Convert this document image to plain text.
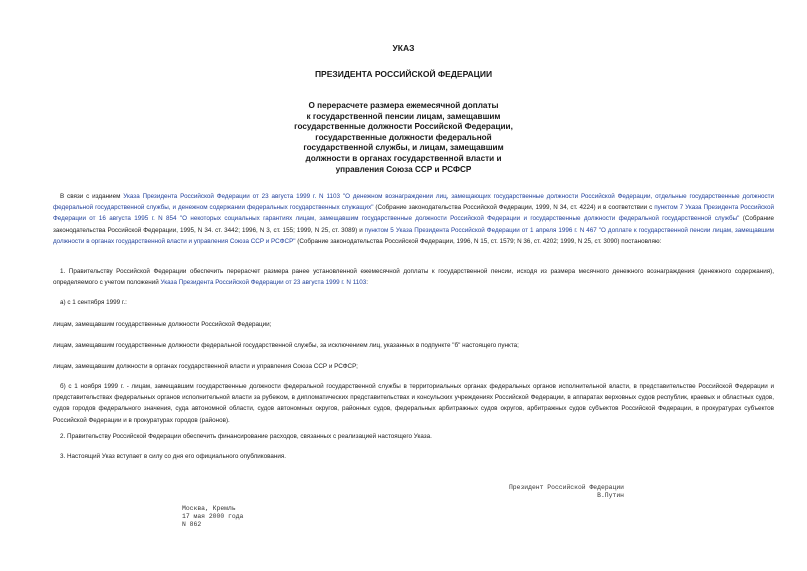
УКАЗ
ПРЕЗИДЕНТА РОССИЙСКОЙ ФЕДЕРАЦИИ
О перерасчете размера ежемесячной доплаты
к государственной пенсии лицам, замещавшим
государственные должности Российской Федерации,
государственные должности федеральной
государственной службы, и лицам, замещавшим
должности в органах государственной власти и
управления Союза ССР и РСФСР
В связи с изданием Указа Президента Российской Федерации от 23 августа 1999 г. N 1103 "О денежном вознаграждении лиц, замещающих государственные должности Российской Федерации, отдельные государственные должности федеральной государственной службы, и денежном содержании федеральных государственных служащих" (Собрание законодательства Российской Федерации, 1999, N 34, ст. 4224) и в соответствии с пунктом 7 Указа Президента Российской Федерации от 16 августа 1995 г. N 854 "О некоторых социальных гарантиях лицам, замещавшим государственные должности Российской Федерации и государственные должности федеральной государственной службы" (Собрание законодательства Российской Федерации, 1995, N 34. ст. 3442; 1996, N 3, ст. 155; 1999, N 25, ст. 3089) и пунктом 5 Указа Президента Российской Федерации от 1 апреля 1996 г. N 467 "О доплате к государственной пенсии лицам, замещавшим должности в органах государственной власти и управления Союза ССР и РСФСР" (Собрание законодательства Российской Федерации, 1996, N 15, ст. 1579; N 36, ст. 4202; 1999, N 25, ст. 3090) постановляю:
1. Правительству Российской Федерации обеспечить перерасчет размера ранее установленной ежемесячной доплаты к государственной пенсии, исходя из размера месячного денежного вознаграждения (денежного содержания), определяемого с учетом положений Указа Президента Российской Федерации от 23 августа 1999 г. N 1103:
а) с 1 сентября 1999 г.:
лицам, замещавшим государственные должности Российской Федерации;
лицам, замещавшим государственные должности федеральной государственной службы, за исключением лиц, указанных в подпункте "б" настоящего пункта;
лицам, замещавшим должности в органах государственной власти и управления Союза ССР и РСФСР;
б) с 1 ноября 1999 г. - лицам, замещавшим государственные должности федеральной государственной службы в территориальных органах федеральных органов исполнительной власти, в представительстве Российской Федерации и представительствах федеральных органов исполнительной власти за рубежом, в дипломатических представительствах и консульских учреждениях Российской Федерации, в аппаратах верховных судов республик, краевых и областных судов, судов городов федерального значения, суда автономной области, судов автономных округов, районных судов, федеральных арбитражных судов округов, арбитражных судов субъектов Российской Федерации, в прокуратурах субъектов Российской Федерации и в прокуратурах городов (районов).
2. Правительству Российской Федерации обеспечить финансирование расходов, связанных с реализацией настоящего Указа.
3. Настоящий Указ вступает в силу со дня его официального опубликования.
Президент Российской Федерации
В.Путин
Москва, Кремль
17 мая 2000 года
N 862
